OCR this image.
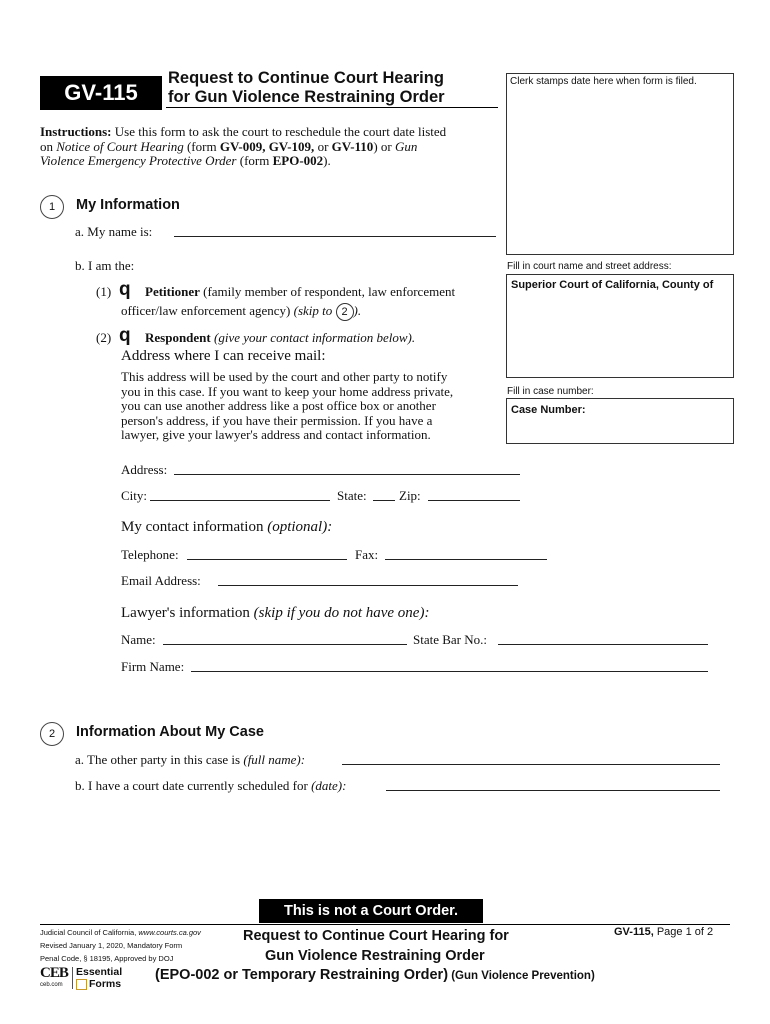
GV-115
Request to Continue Court Hearing
for Gun Violence Restraining Order
Clerk stamps date here when form is filed.
Fill in court name and street address:
Superior Court of California, County of
Fill in case number:
Case Number:
Instructions: Use this form to ask the court to reschedule the court date listed
on Notice of Court Hearing (form GV-009, GV-109, or GV-110) or Gun
Violence Emergency Protective Order (form EPO-002).
1	My Information
a. My name is:
b. I am the:
(1) q Petitioner (family member of respondent, law enforcement
officer/law enforcement agency) (skip to 2 ).
(2) q Respondent (give your contact information below).
Address where I can receive mail:
This address will be used by the court and other party to notify
you in this case. If you want to keep your home address private,
you can use another address like a post office box or another
person's address, if you have their permission. If you have a
lawyer, give your lawyer's address and contact information.
Address:
City:	State: Zip:
My contact information (optional):
Telephone:	Fax:
Email Address:
Lawyer's information (skip if you do not have one):
Name:	State Bar No.:
Firm Name:
2	Information About My Case
a. The other party in this case is (full name):
b. I have a court date currently scheduled for (date):
This is not a Court Order.
Judicial Council of California, www.courts.ca.gov
Revised January 1, 2020, Mandatory Form
Penal Code, § 18195, Approved by DOJ
CEB
ceb.com
Essential
Forms
Request to Continue Court Hearing for
Gun Violence Restraining Order
(EPO-002 or Temporary Restraining Order) (Gun Violence Prevention)
GV-115, Page 1 of 2
